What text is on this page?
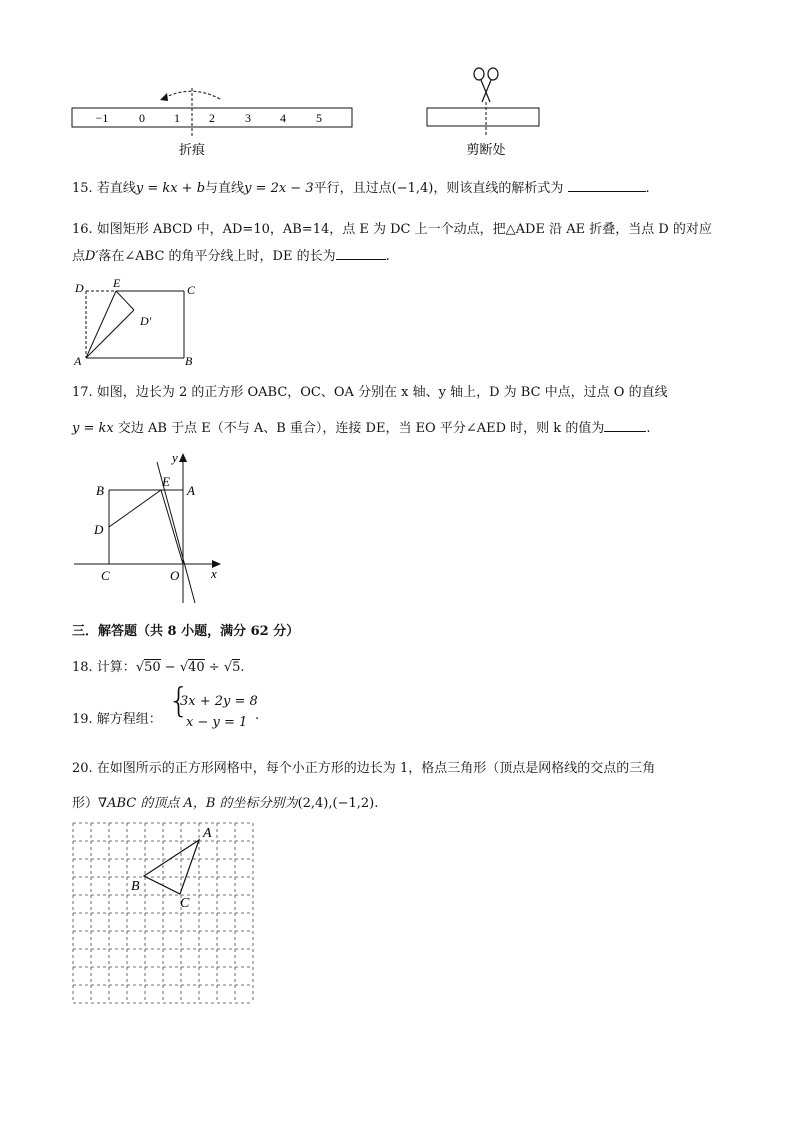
−1	0 1 2	3 4	5
折痕	剪断处
15. 若直线y = kx + b与直线y = 2x − 3平行，且过点(−1,4)，则该直线的解析式为	.
16. 如图矩形 ABCD 中，AD=10，AB=14，点 E 为 DC 上一个动点，把△ADE 沿 AE 折叠，当点 D 的对应
点D′落在∠ABC 的角平分线上时，DE 的长为	.
D E	C
D′
A	B
17. 如图，边长为 2 的正方形 OABC，OC、OA 分别在 x 轴、y 轴上，D 为 BC 中点，过点 O 的直线
y = kx 交边 AB 于点 E（不与 A、B 重合），连接 DE，当 EO 平分∠AED 时，则 k 的值为	.
y
B
E
A
D
C	O x
三．解答题（共 8 小题，满分 62 分）
18. 计算：√50 − √40 ÷ √5.
19. 解方程组： {
3x + 2y = 8
x − y = 1 .
20. 在如图所示的正方形网格中，每个小正方形的边长为 1，格点三角形（顶点是网格线的交点的三角
形）∇ABC 的顶点 A，B 的坐标分别为(2,4),(−1,2).
A
B
C
